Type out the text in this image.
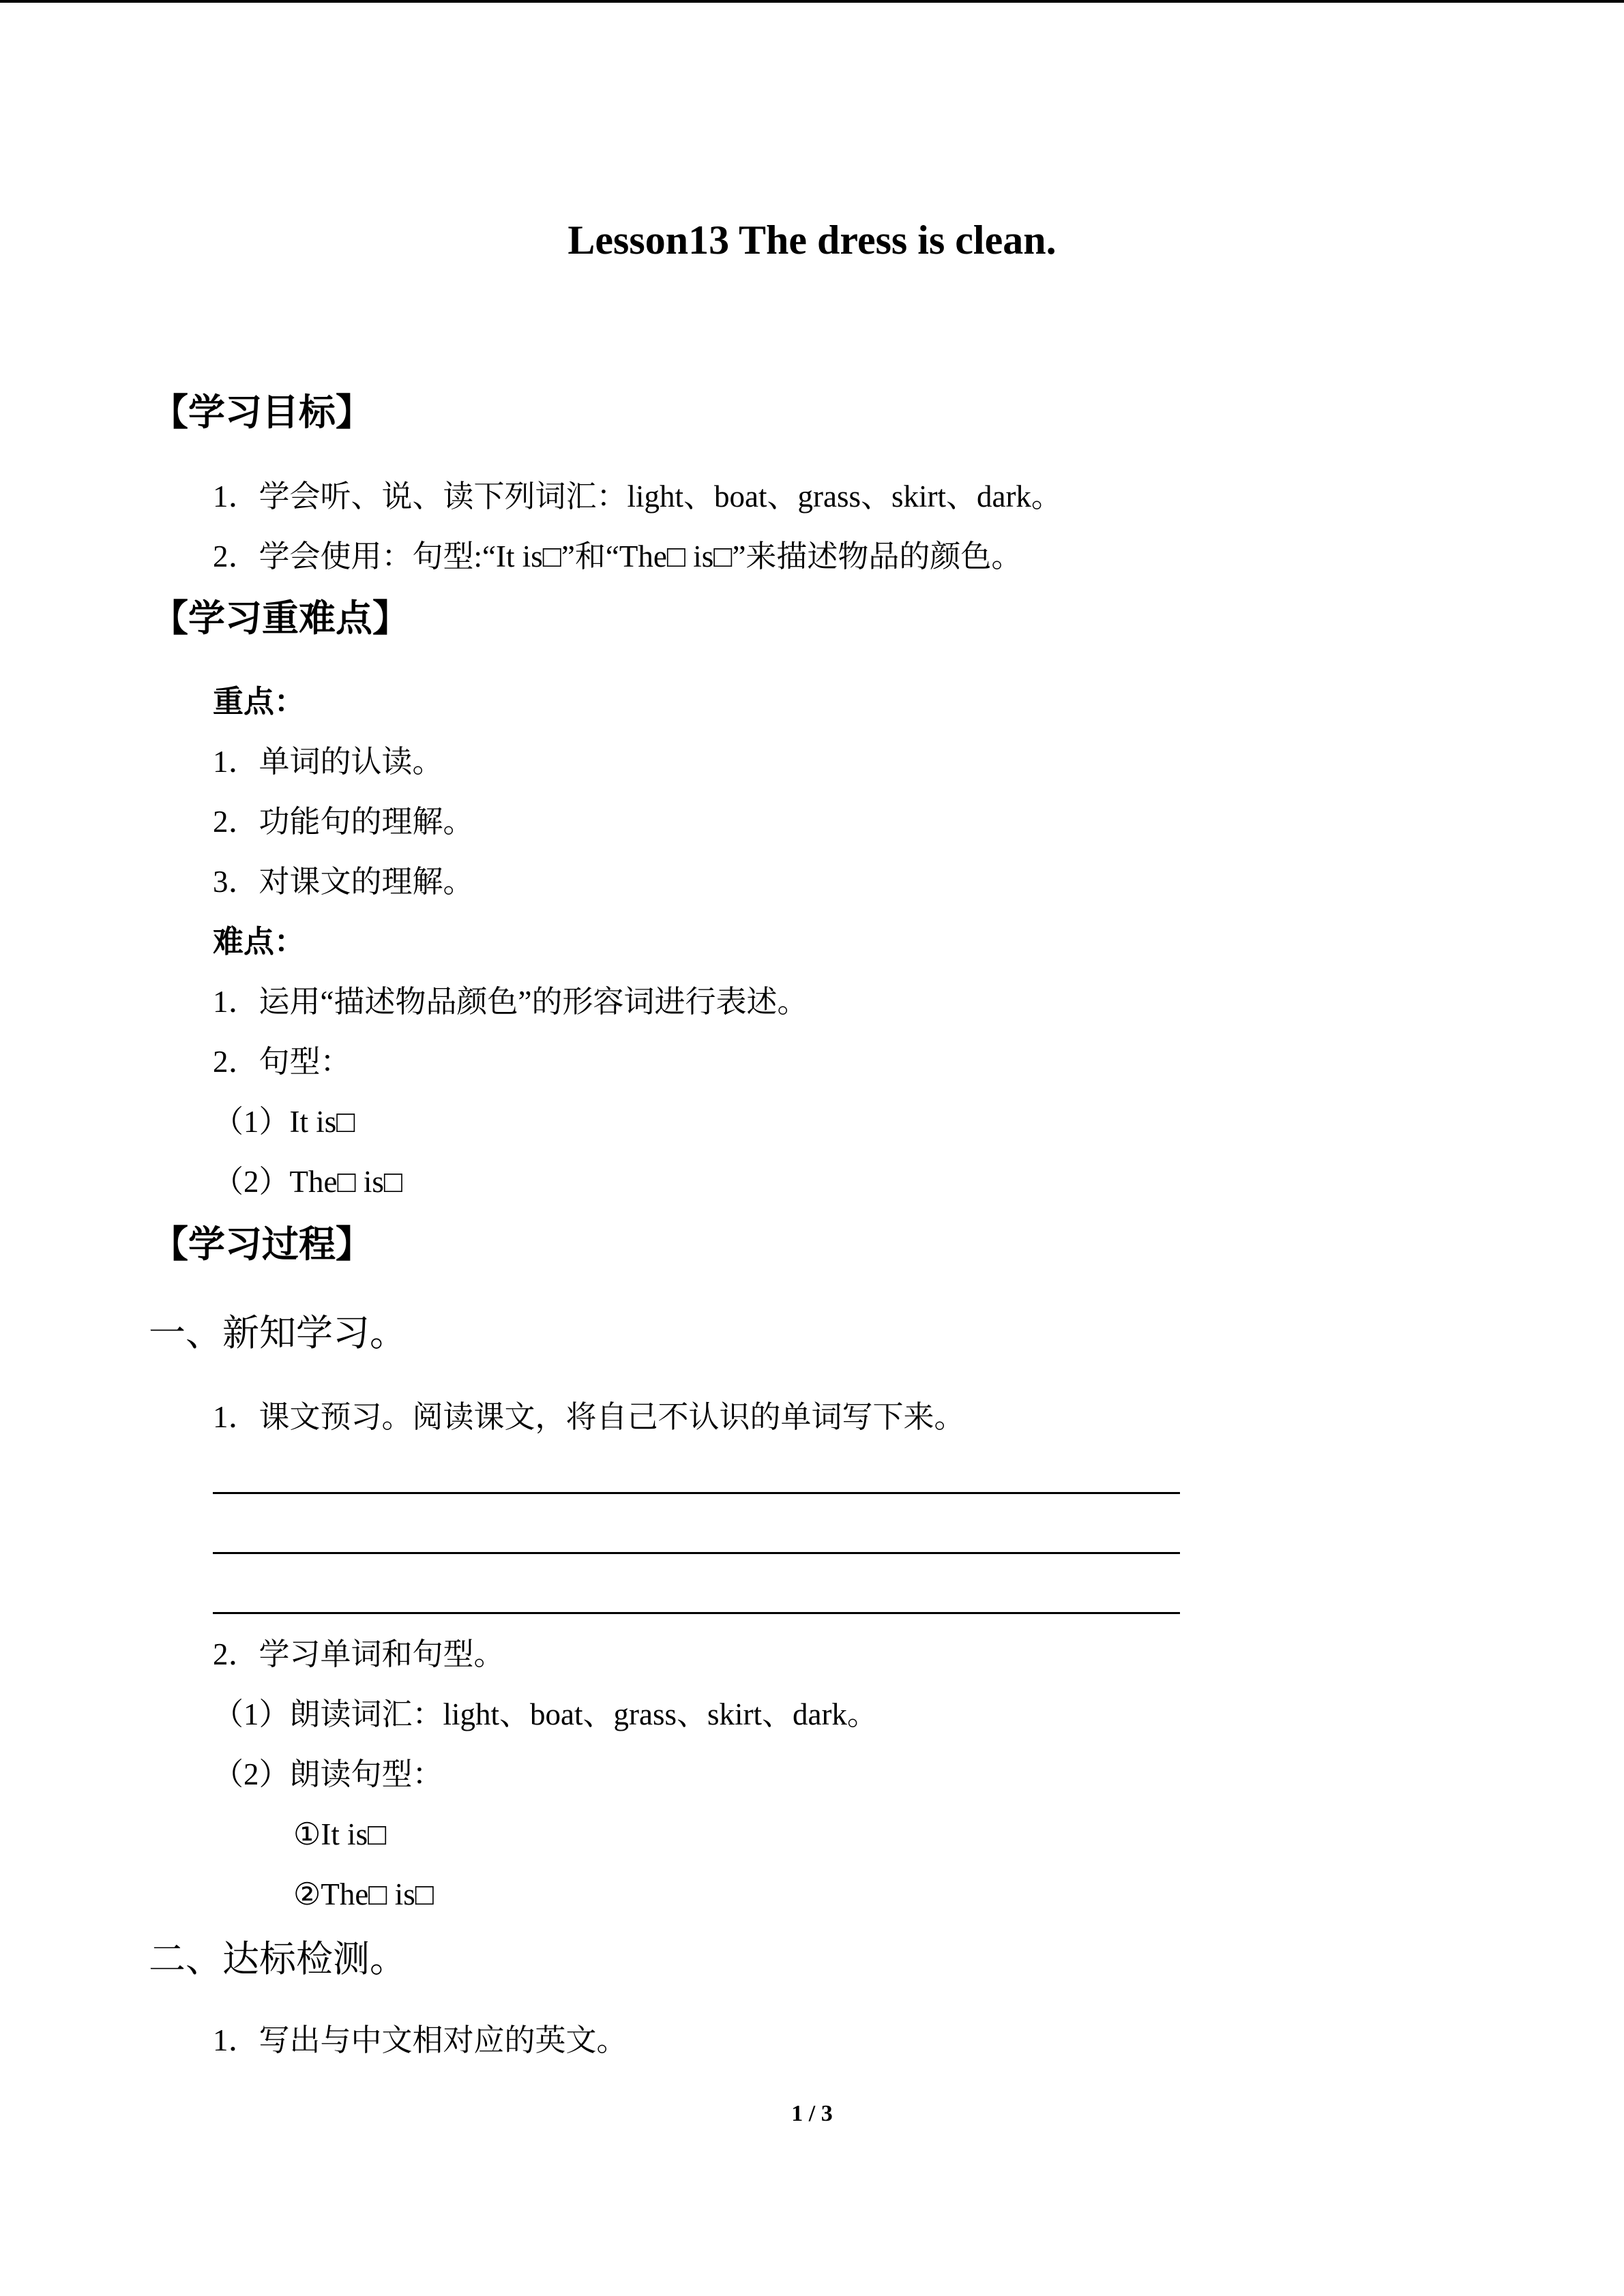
Lesson13 The dress is clean.
【学习目标】
1．学会听、说、读下列词汇：light、boat、grass、skirt、dark。
2．学会使用：句型:“It is□”和“The□ is□”来描述物品的颜色。
【学习重难点】
重点：
1．单词的认读。
2．功能句的理解。
3．对课文的理解。
难点：
1．运用“描述物品颜色”的形容词进行表述。
2．句型：
（1）It is□
（2）The□ is□
【学习过程】
一、新知学习。
1．课文预习。阅读课文，将自己不认识的单词写下来。
2．学习单词和句型。
（1）朗读词汇：light、boat、grass、skirt、dark。
（2）朗读句型：
①It is□
②The□ is□
二、达标检测。
1．写出与中文相对应的英文。
1 / 3
